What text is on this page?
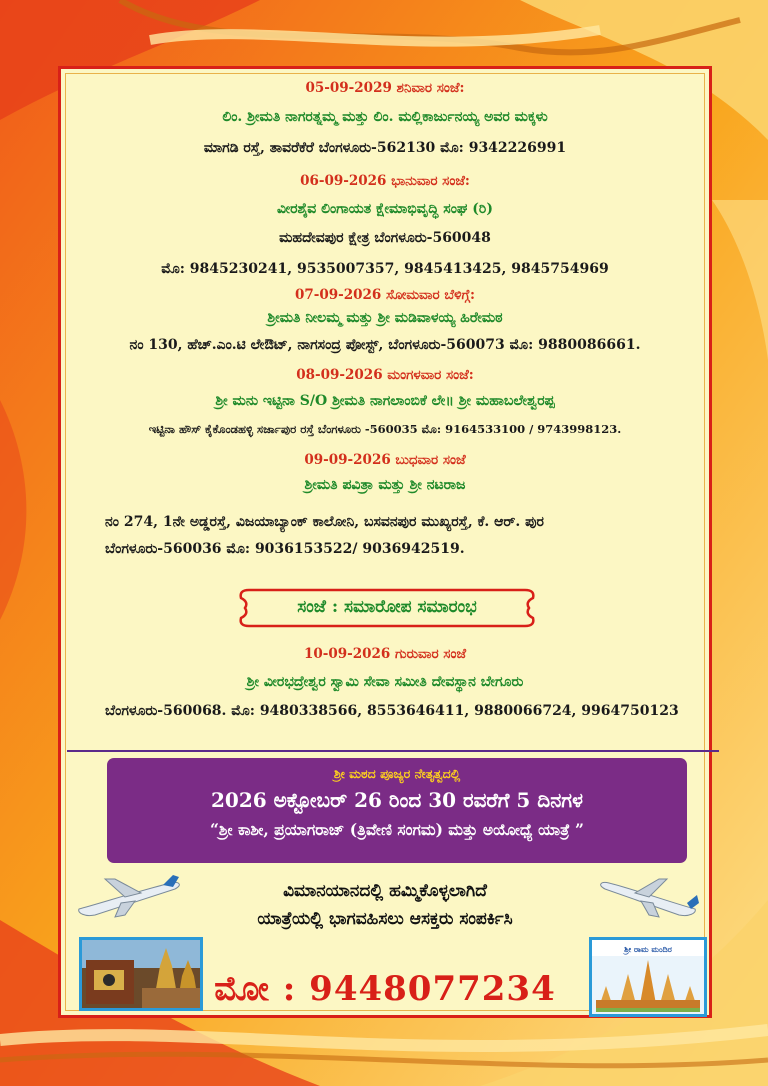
05-09-2029 ಶನಿವಾರ ಸಂಜೆ:
ಲಿಂ. ಶ್ರೀಮತಿ ನಾಗರತ್ನಮ್ಮ ಮತ್ತು ಲಿಂ. ಮಲ್ಲಿಕಾರ್ಜುನಯ್ಯ ಅವರ ಮಕ್ಕಳು
ಮಾಗಡಿ ರಸ್ತೆ, ತಾವರೆಕೆರೆ ಬೆಂಗಳೂರು-562130 ಮೊ: 9342226991
06-09-2026 ಭಾನುವಾರ ಸಂಜೆ:
ವೀರಶೈವ ಲಿಂಗಾಯತ ಕ್ಷೇಮಾಭಿವೃದ್ಧಿ ಸಂಘ (ರಿ)
ಮಹದೇವಪುರ ಕ್ಷೇತ್ರ ಬೆಂಗಳೂರು-560048
ಮೊ: 9845230241, 9535007357, 9845413425, 9845754969
07-09-2026 ಸೋಮವಾರ ಬೆಳಿಗ್ಗೆ:
ಶ್ರೀಮತಿ ನೀಲಮ್ಮ ಮತ್ತು ಶ್ರೀ ಮಡಿವಾಳಯ್ಯ ಹಿರೇಮಠ
ನಂ 130, ಹೆಚ್.ಎಂ.ಟಿ ಲೇಔಟ್, ನಾಗಸಂದ್ರ ಪೋಸ್ಟ್, ಬೆಂಗಳೂರು-560073 ಮೊ: 9880086661.
08-09-2026 ಮಂಗಳವಾರ ಸಂಜೆ:
ಶ್ರೀ ಮನು ಇಟ್ಟಿನಾ S/O ಶ್ರೀಮತಿ ನಾಗಲಾಂಬಿಕೆ ಲೇ॥ ಶ್ರೀ ಮಹಾಬಲೇಶ್ವರಪ್ಪ
ಇಟ್ಟಿನಾ ಹೌಸ್ ಕೈಕೊಂಡಹಳ್ಳಿ ಸರ್ಜಾಪುರ ರಸ್ತೆ ಬೆಂಗಳೂರು -560035 ಮೊ: 9164533100 / 9743998123.
09-09-2026 ಬುಧವಾರ ಸಂಜೆ
ಶ್ರೀಮತಿ ಪವಿತ್ರಾ ಮತ್ತು ಶ್ರೀ ನಟರಾಜ
ನಂ 274, 1ನೇ ಅಡ್ಡರಸ್ತೆ, ವಿಜಯಾಬ್ಯಾಂಕ್ ಕಾಲೋನಿ, ಬಸವನಪುರ ಮುಖ್ಯರಸ್ತೆ, ಕೆ. ಆರ್. ಪುರ
ಬೆಂಗಳೂರು-560036 ಮೊ: 9036153522/ 9036942519.
ಸಂಜೆ : ಸಮಾರೋಪ ಸಮಾರಂಭ
10-09-2026 ಗುರುವಾರ ಸಂಜೆ
ಶ್ರೀ ವೀರಭದ್ರೇಶ್ವರ ಸ್ವಾಮಿ ಸೇವಾ ಸಮೀತಿ ದೇವಸ್ಥಾನ ಬೇಗೂರು
ಬೆಂಗಳೂರು-560068. ಮೊ: 9480338566, 8553646411, 9880066724, 9964750123
ಶ್ರೀ ಮಠದ ಪೂಜ್ಯರ ನೇತೃತ್ವದಲ್ಲಿ
2026 ಅಕ್ಟೋಬರ್ 26 ರಿಂದ 30 ರವರೆಗೆ 5 ದಿನಗಳ
“ಶ್ರೀ ಕಾಶೀ, ಪ್ರಯಾಗರಾಜ್ (ತ್ರಿವೇಣಿ ಸಂಗಮ) ಮತ್ತು ಅಯೋಧ್ಯೆ ಯಾತ್ರೆ ”
ವಿಮಾನಯಾನದಲ್ಲಿ ಹಮ್ಮಿಕೊಳ್ಳಲಾಗಿದೆ
ಯಾತ್ರೆಯಲ್ಲಿ ಭಾಗವಹಿಸಲು ಆಸಕ್ತರು ಸಂಪರ್ಕಿಸಿ
ಶ್ರೀ ರಾಮ ಮಂದಿರ
ಮೋ : 9448077234
